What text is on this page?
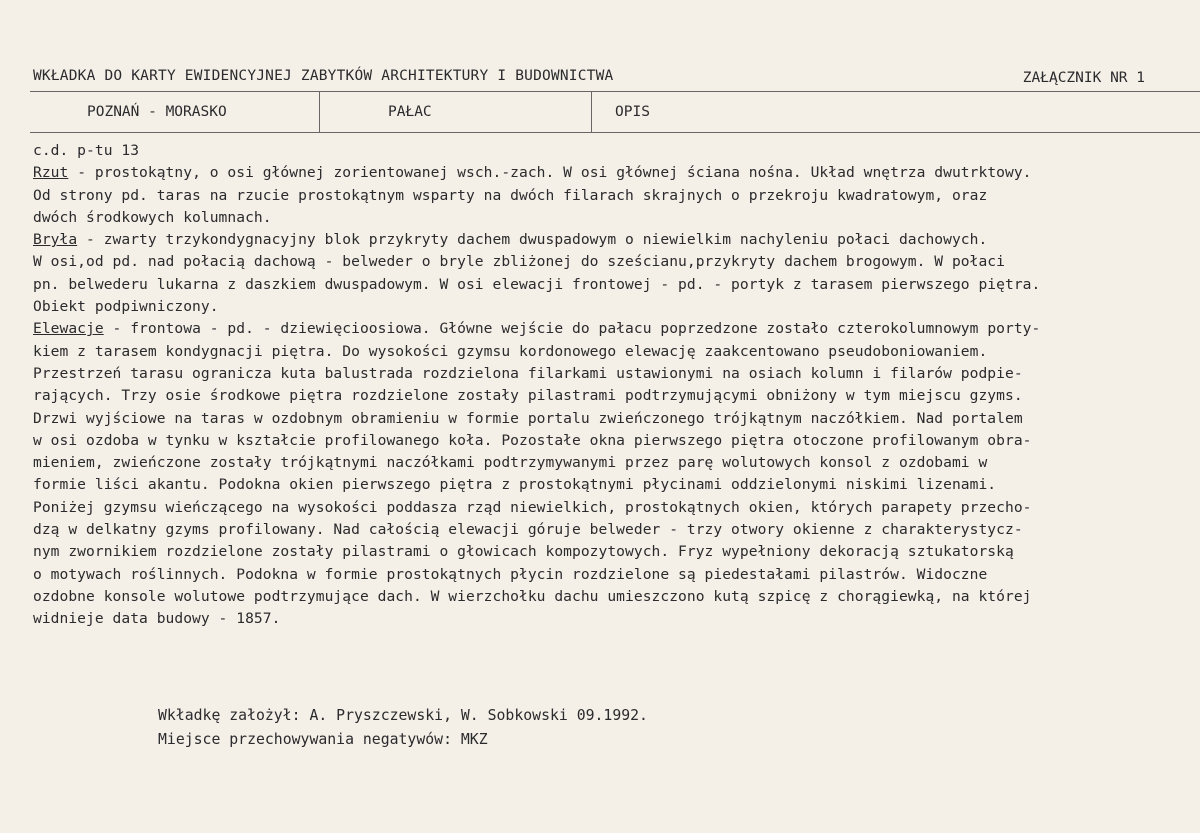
WKŁADKA DO KARTY EWIDENCYJNEJ ZABYTKÓW ARCHITEKTURY I BUDOWNICTWA	ZAŁĄCZNIK NR 1
POZNAŃ - MORASKO	PAŁAC	OPIS
c.d. p-tu 13
Rzut - prostokątny, o osi głównej zorientowanej wsch.-zach. W osi głównej ściana nośna. Układ wnętrza dwutrktowy.
Od strony pd. taras na rzucie prostokątnym wsparty na dwóch filarach skrajnych o przekroju kwadratowym, oraz
dwóch środkowych kolumnach.
Bryła - zwarty trzykondygnacyjny blok przykryty dachem dwuspadowym o niewielkim nachyleniu połaci dachowych.
W osi,od pd. nad połacią dachową - belweder o bryle zbliżonej do sześcianu,przykryty dachem brogowym. W połaci
pn. belwederu lukarna z daszkiem dwuspadowym. W osi elewacji frontowej - pd. - portyk z tarasem pierwszego piętra.
Obiekt podpiwniczony.
Elewacje - frontowa - pd. - dziewięcioosiowa. Główne wejście do pałacu poprzedzone zostało czterokolumnowym porty-
kiem z tarasem kondygnacji piętra. Do wysokości gzymsu kordonowego elewację zaakcentowano pseudoboniowaniem.
Przestrzeń tarasu ogranicza kuta balustrada rozdzielona filarkami ustawionymi na osiach kolumn i filarów podpie-
rających. Trzy osie środkowe piętra rozdzielone zostały pilastrami podtrzymującymi obniżony w tym miejscu gzyms.
Drzwi wyjściowe na taras w ozdobnym obramieniu w formie portalu zwieńczonego trójkątnym naczółkiem. Nad portalem
w osi ozdoba w tynku w kształcie profilowanego koła. Pozostałe okna pierwszego piętra otoczone profilowanym obra-
mieniem, zwieńczone zostały trójkątnymi naczółkami podtrzymywanymi przez parę wolutowych konsol z ozdobami w
formie liści akantu. Podokna okien pierwszego piętra z prostokątnymi płycinami oddzielonymi niskimi lizenami.
Poniżej gzymsu wieńczącego na wysokości poddasza rząd niewielkich, prostokątnych okien, których parapety przecho-
dzą w delkatny gzyms profilowany. Nad całością elewacji góruje belweder - trzy otwory okienne z charakterystycz-
nym zwornikiem rozdzielone zostały pilastrami o głowicach kompozytowych. Fryz wypełniony dekoracją sztukatorską
o motywach roślinnych. Podokna w formie prostokątnych płycin rozdzielone są piedestałami pilastrów. Widoczne
ozdobne konsole wolutowe podtrzymujące dach. W wierzchołku dachu umieszczono kutą szpicę z chorągiewką, na której
widnieje data budowy - 1857.
Wkładkę założył: A. Pryszczewski, W. Sobkowski 09.1992.
Miejsce przechowywania negatywów: MKZ
